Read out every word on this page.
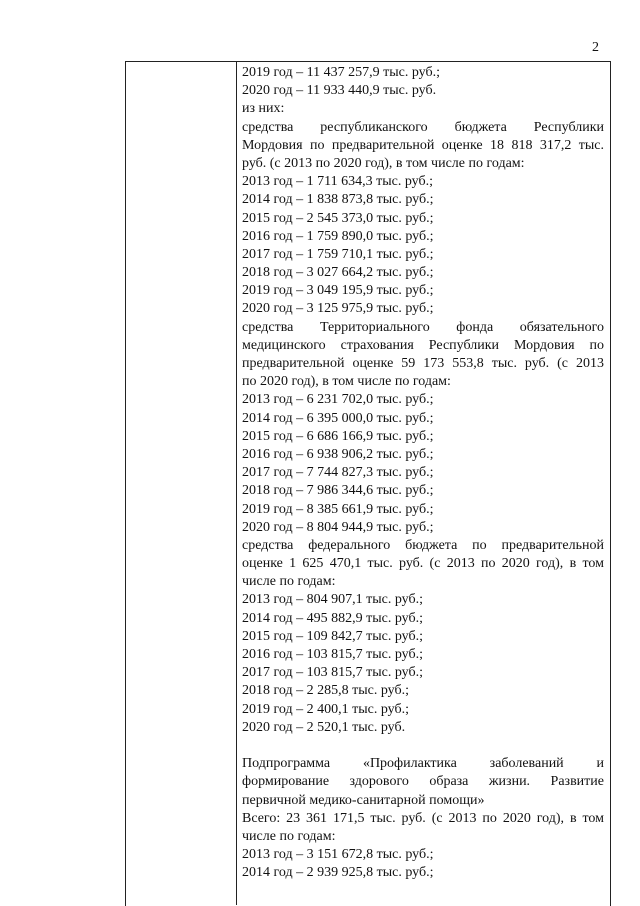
2
2019 год – 11 437 257,9 тыс. руб.;
2020 год – 11 933 440,9 тыс. руб.
из них:
средства республиканского бюджета Республики
Мордовия по предварительной оценке 18 818 317,2 тыс.
руб. (с 2013 по 2020 год), в том числе по годам:
2013 год – 1 711 634,3 тыс. руб.;
2014 год – 1 838 873,8 тыс. руб.;
2015 год – 2 545 373,0 тыс. руб.;
2016 год – 1 759 890,0 тыс. руб.;
2017 год – 1 759 710,1 тыс. руб.;
2018 год – 3 027 664,2 тыс. руб.;
2019 год – 3 049 195,9 тыс. руб.;
2020 год – 3 125 975,9 тыс. руб.;
средства Территориального фонда обязательного
медицинского страхования Республики Мордовия по
предварительной оценке 59 173 553,8 тыс. руб. (с 2013
по 2020 год), в том числе по годам:
2013 год – 6 231 702,0 тыс. руб.;
2014 год – 6 395 000,0 тыс. руб.;
2015 год – 6 686 166,9 тыс. руб.;
2016 год – 6 938 906,2 тыс. руб.;
2017 год – 7 744 827,3 тыс. руб.;
2018 год – 7 986 344,6 тыс. руб.;
2019 год – 8 385 661,9 тыс. руб.;
2020 год – 8 804 944,9 тыс. руб.;
средства федерального бюджета по предварительной
оценке 1 625 470,1 тыс. руб. (с 2013 по 2020 год), в том
числе по годам:
2013 год – 804 907,1 тыс. руб.;
2014 год – 495 882,9 тыс. руб.;
2015 год – 109 842,7 тыс. руб.;
2016 год – 103 815,7 тыс. руб.;
2017 год – 103 815,7 тыс. руб.;
2018 год – 2 285,8 тыс. руб.;
2019 год – 2 400,1 тыс. руб.;
2020 год – 2 520,1 тыс. руб.
Подпрограмма «Профилактика заболеваний и
формирование здорового образа жизни. Развитие
первичной медико-санитарной помощи»
Всего: 23 361 171,5 тыс. руб. (с 2013 по 2020 год), в том
числе по годам:
2013 год – 3 151 672,8 тыс. руб.;
2014 год – 2 939 925,8 тыс. руб.;
